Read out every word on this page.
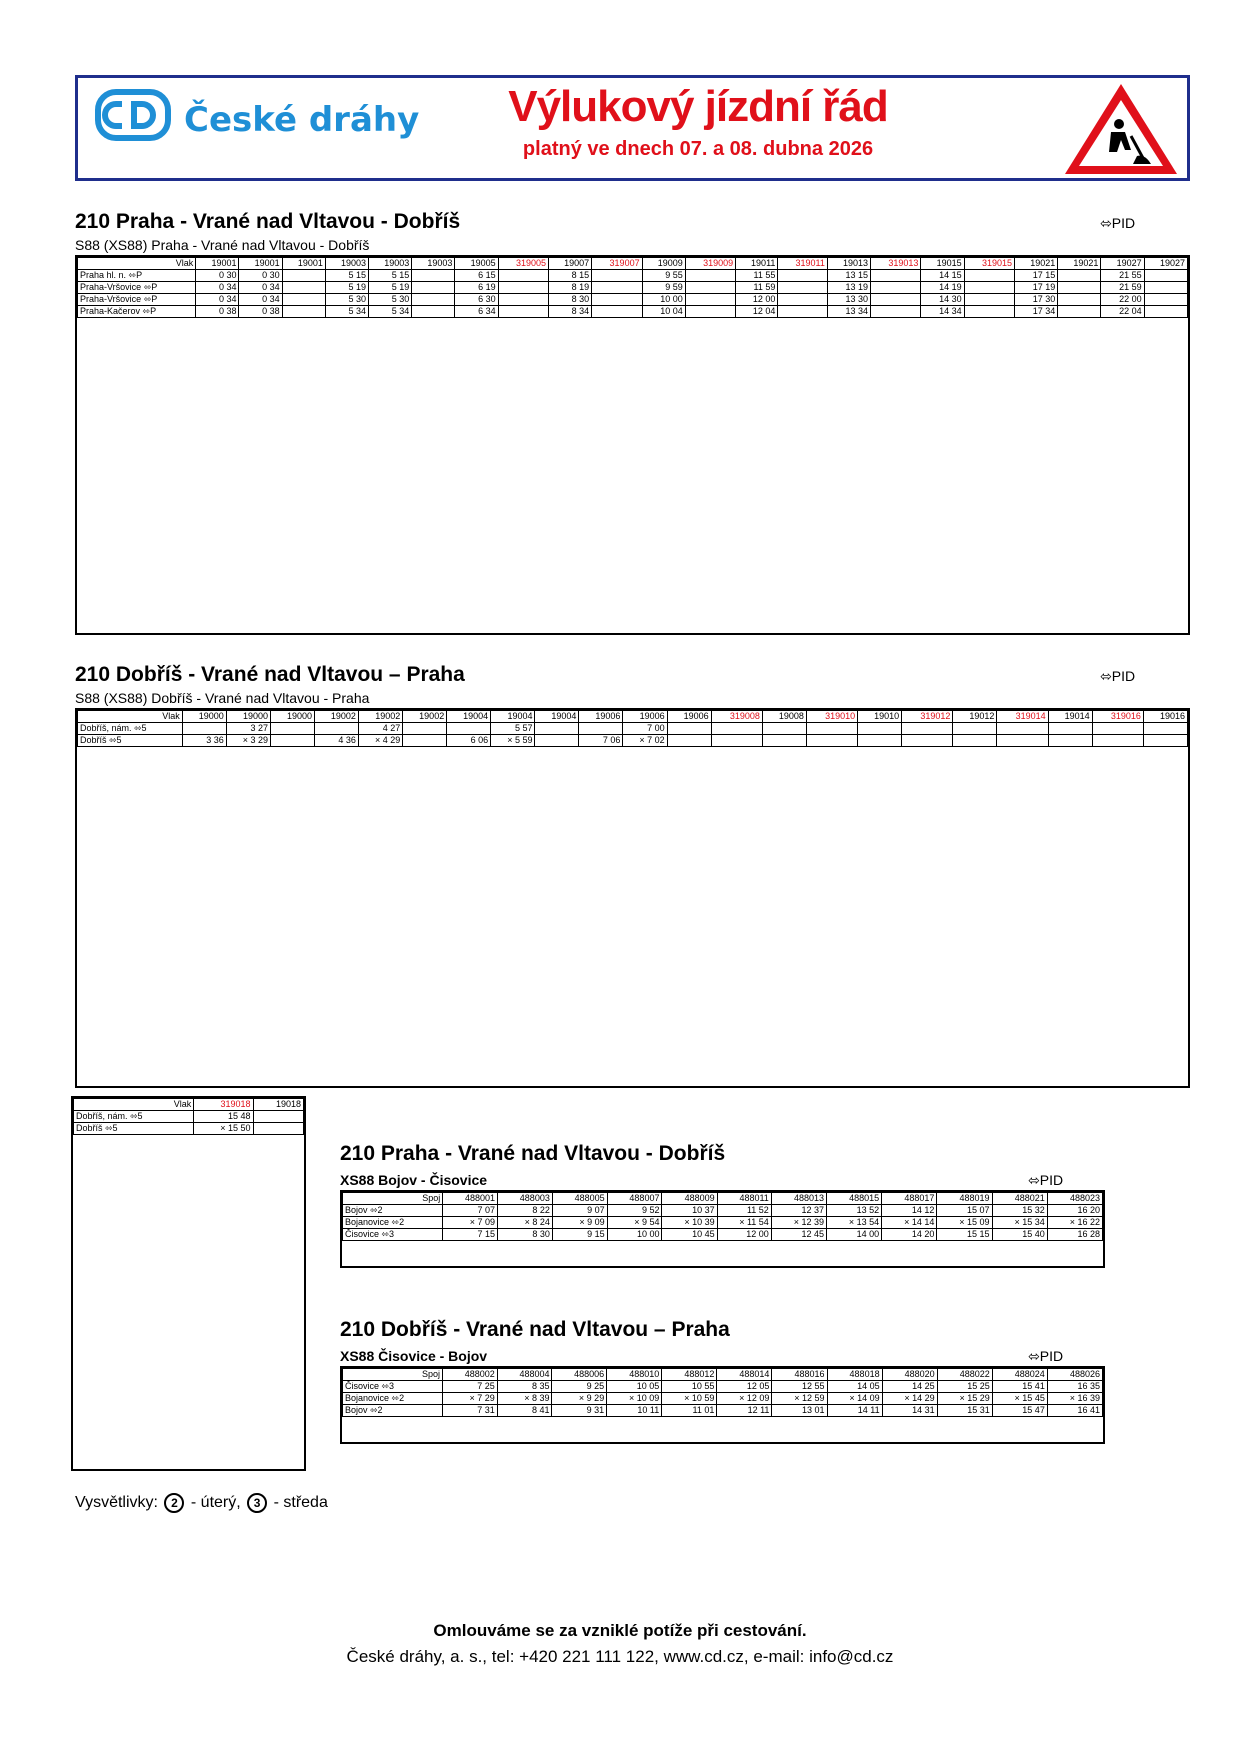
České dráhy	Výlukový jízdní řád
platný ve dnech 07. a 08. dubna 2026
210 Praha - Vrané nad Vltavou - Dobříš
S88 (XS88) Praha - Vrané nad Vltavou - Dobříš
⬄PID
Vlak	19001	19001	19001	19003	19003	19003	19005	319005	19007	319007	19009	319009	19011	319011	19013	319013	19015	319015	19021	19021	19027	19027
Praha hl. n. ⬄P	0 30	0 30		5 15	5 15		6 15		8 15		9 55		11 55		13 15		14 15		17 15		21 55	
Praha-Vršovice ⬄P	0 34	0 34		5 19	5 19		6 19		8 19		9 59		11 59		13 19		14 19		17 19		21 59	
Praha-Vršovice ⬄P	0 34	0 34		5 30	5 30		6 30		8 30		10 00		12 00		13 30		14 30		17 30		22 00	
Praha-Kačerov ⬄P	0 38	0 38		5 34	5 34		6 34		8 34		10 04		12 04		13 34		14 34		17 34		22 04	
210 Dobříš - Vrané nad Vltavou – Praha
S88 (XS88) Dobříš - Vrané nad Vltavou - Praha
⬄PID
Vlak	19000	19000	19000	19002	19002	19002	19004	19004	19004	19006	19006	19006	319008	19008	319010	19010	319012	19012	319014	19014	319016	19016
Dobříš, nám. ⬄5		3 27			4 27			5 57			7 00											
Dobříš ⬄5	3 36	× 3 29		4 36	× 4 29		6 06	× 5 59		7 06	× 7 02											
Vlak	319018	19018
Dobříš, nám. ⬄5	15 48	
Dobříš ⬄5	× 15 50	
210 Praha - Vrané nad Vltavou - Dobříš
XS88 Bojov - Čisovice	⬄PID
Spoj	488001	488003	488005	488007	488009	488011	488013	488015	488017	488019	488021	488023
Bojov ⬄2	7 07	8 22	9 07	9 52	10 37	11 52	12 37	13 52	14 12	15 07	15 32	16 20
Bojanovice ⬄2	× 7 09	× 8 24	× 9 09	× 9 54	× 10 39	× 11 54	× 12 39	× 13 54	× 14 14	× 15 09	× 15 34	× 16 22
Čisovice ⬄3	7 15	8 30	9 15	10 00	10 45	12 00	12 45	14 00	14 20	15 15	15 40	16 28
210 Dobříš - Vrané nad Vltavou – Praha
XS88 Čisovice - Bojov	⬄PID
Spoj	488002	488004	488006	488010	488012	488014	488016	488018	488020	488022	488024	488026
Čisovice ⬄3	7 25	8 35	9 25	10 05	10 55	12 05	12 55	14 05	14 25	15 25	15 41	16 35
Bojanovice ⬄2	× 7 29	× 8 39	× 9 29	× 10 09	× 10 59	× 12 09	× 12 59	× 14 09	× 14 29	× 15 29	× 15 45	× 16 39
Bojov ⬄2	7 31	8 41	9 31	10 11	11 01	12 11	13 01	14 11	14 31	15 31	15 47	16 41
Vysvětlivky: 2 - úterý, 3 - středa
Omlouváme se za vzniklé potíže při cestování.
České dráhy, a. s., tel: +420 221 111 122, www.cd.cz, e-mail: info@cd.cz
